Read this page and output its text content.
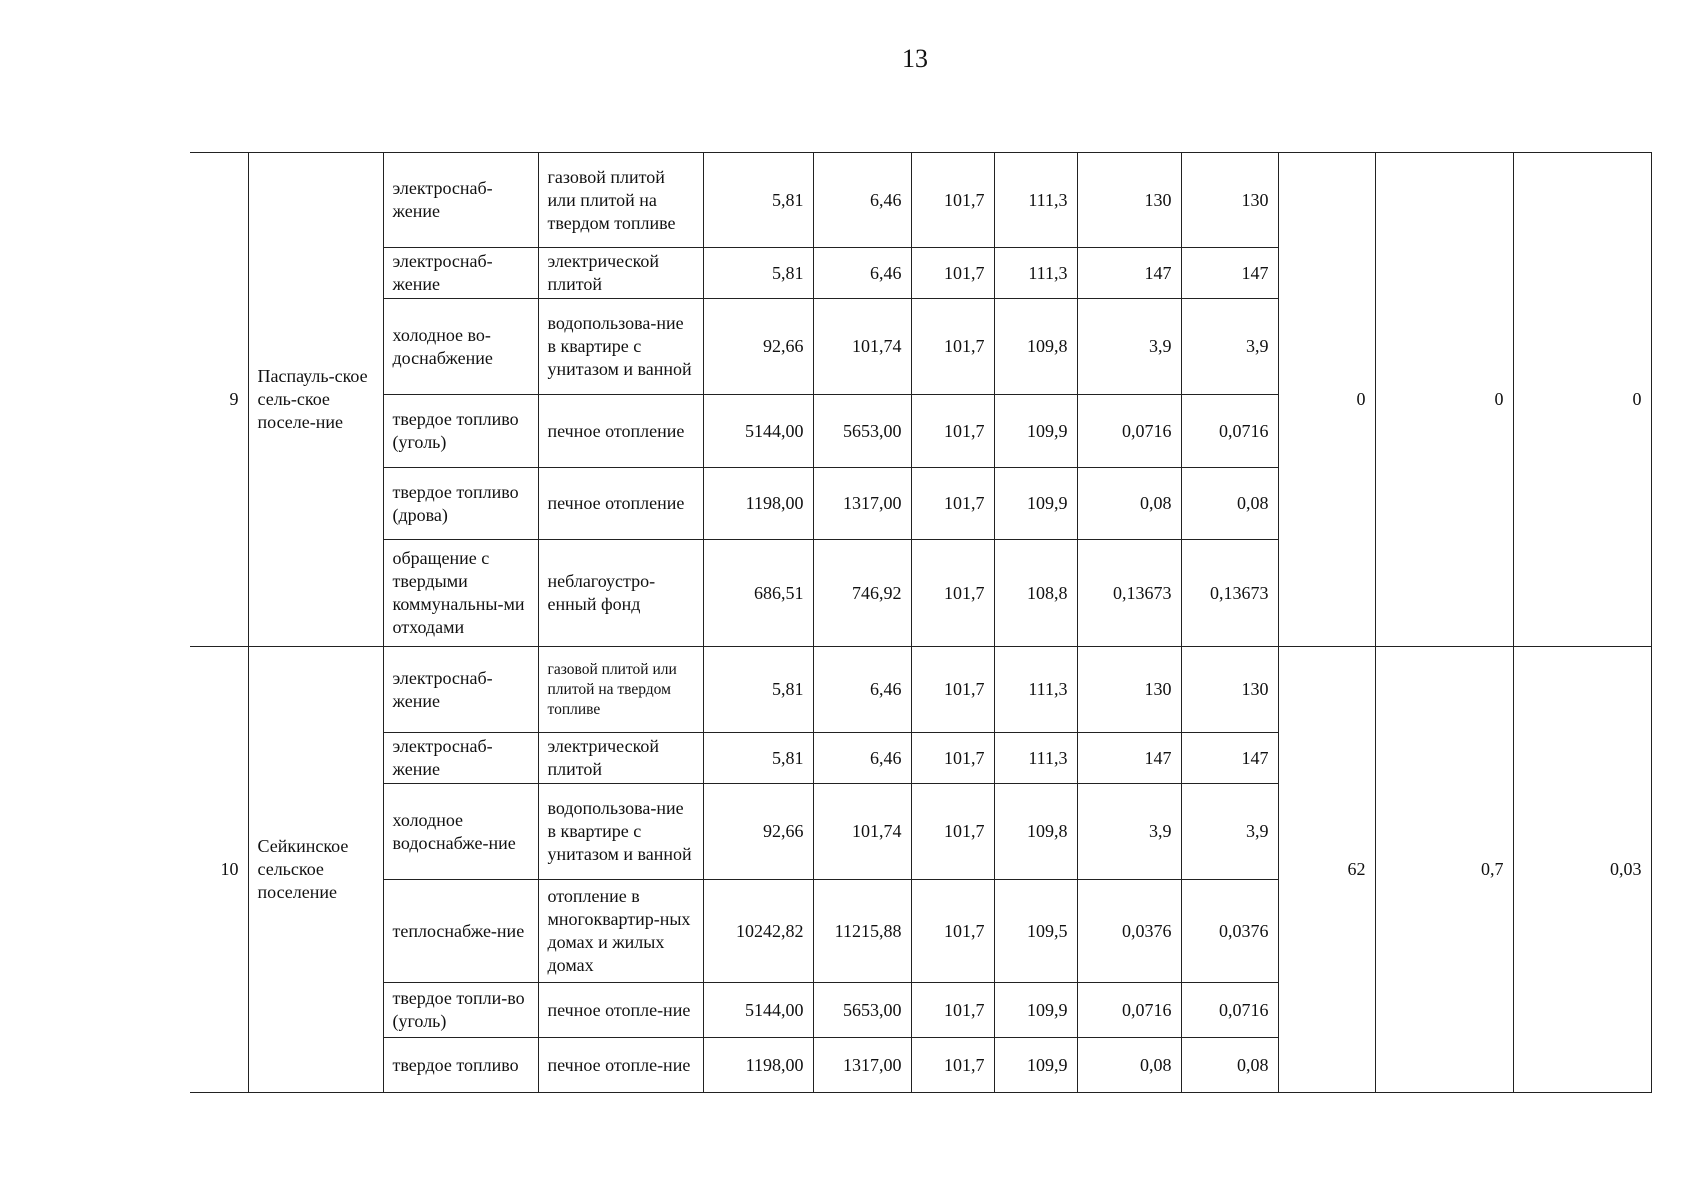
13
9	Паспауль-ское сель-ское поселе-ние	электроснаб-жение	газовой плитой или плитой на твердом топливе	5,81	6,46	101,7	111,3	130	130	0	0	0
		электроснаб-жение	электрической плитой	5,81	6,46	101,7	111,3	147	147			
		холодное во-доснабжение	водопользова-ние в квартире с унитазом и ванной	92,66	101,74	101,7	109,8	3,9	3,9			
		твердое топливо (уголь)	печное отопление	5144,00	5653,00	101,7	109,9	0,0716	0,0716			
		твердое топливо (дрова)	печное отопление	1198,00	1317,00	101,7	109,9	0,08	0,08			
		обращение с твердыми коммунальны-ми отходами	неблагоустро-енный фонд	686,51	746,92	101,7	108,8	0,13673	0,13673			
10	Сейкинское сельское поселение	электроснаб-жение	газовой плитой или плитой на твердом топливе	5,81	6,46	101,7	111,3	130	130	62	0,7	0,03
		электроснаб-жение	электрической плитой	5,81	6,46	101,7	111,3	147	147			
		холодное водоснабже-ние	водопользова-ние в квартире с унитазом и ванной	92,66	101,74	101,7	109,8	3,9	3,9			
		теплоснабже-ние	отопление в многоквартир-ных домах и жилых домах	10242,82	11215,88	101,7	109,5	0,0376	0,0376			
		твердое топли-во (уголь)	печное отопле-ние	5144,00	5653,00	101,7	109,9	0,0716	0,0716			
		твердое топливо	печное отопле-ние	1198,00	1317,00	101,7	109,9	0,08	0,08			
